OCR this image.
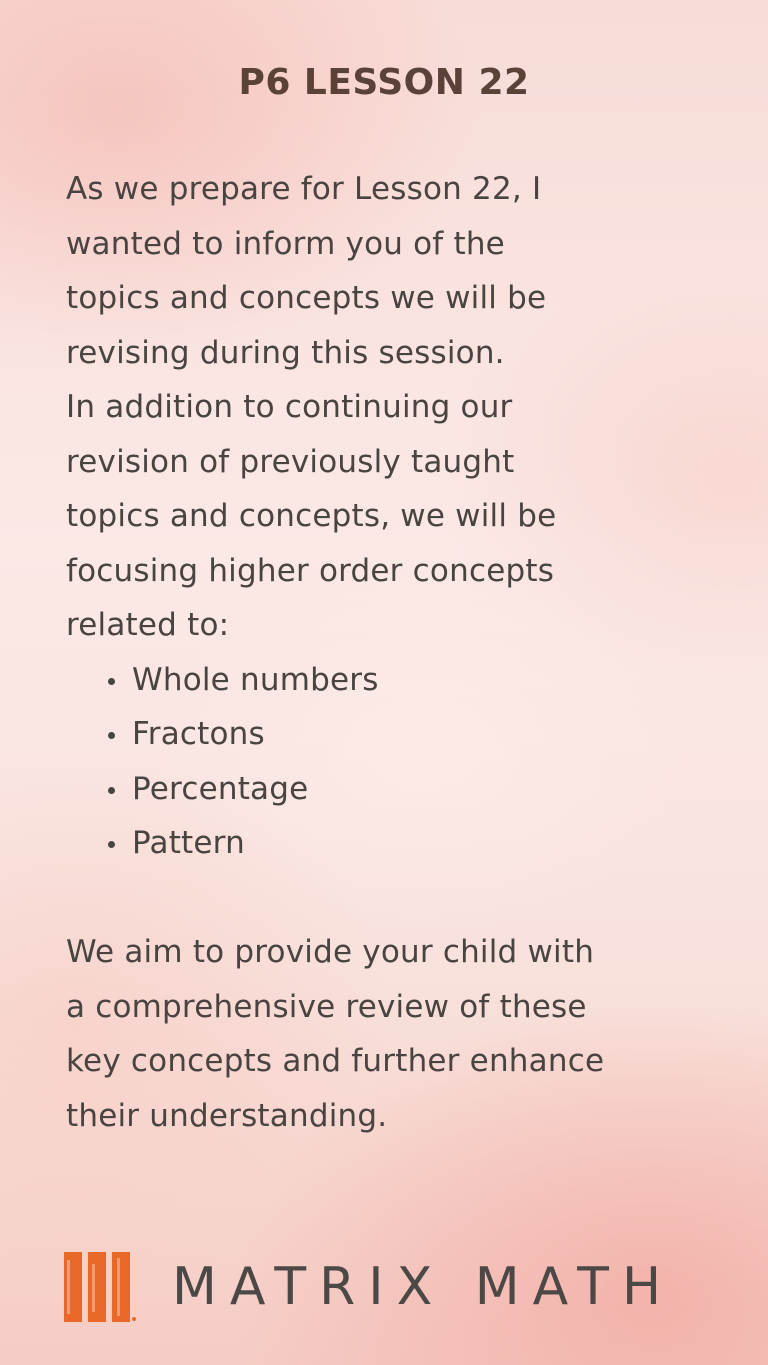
P6 LESSON 22

As we prepare for Lesson 22, I
wanted to inform you of the
topics and concepts we will be
revising during this session.

In addition to continuing our
revision of previously taught
topics and concepts, we will be
focusing higher order concepts
related to:

Whole numbers
Fractons
Percentage
Pattern

We aim to provide your child with
a comprehensive review of these
key concepts and further enhance
their understanding.

MATRIX MATH
